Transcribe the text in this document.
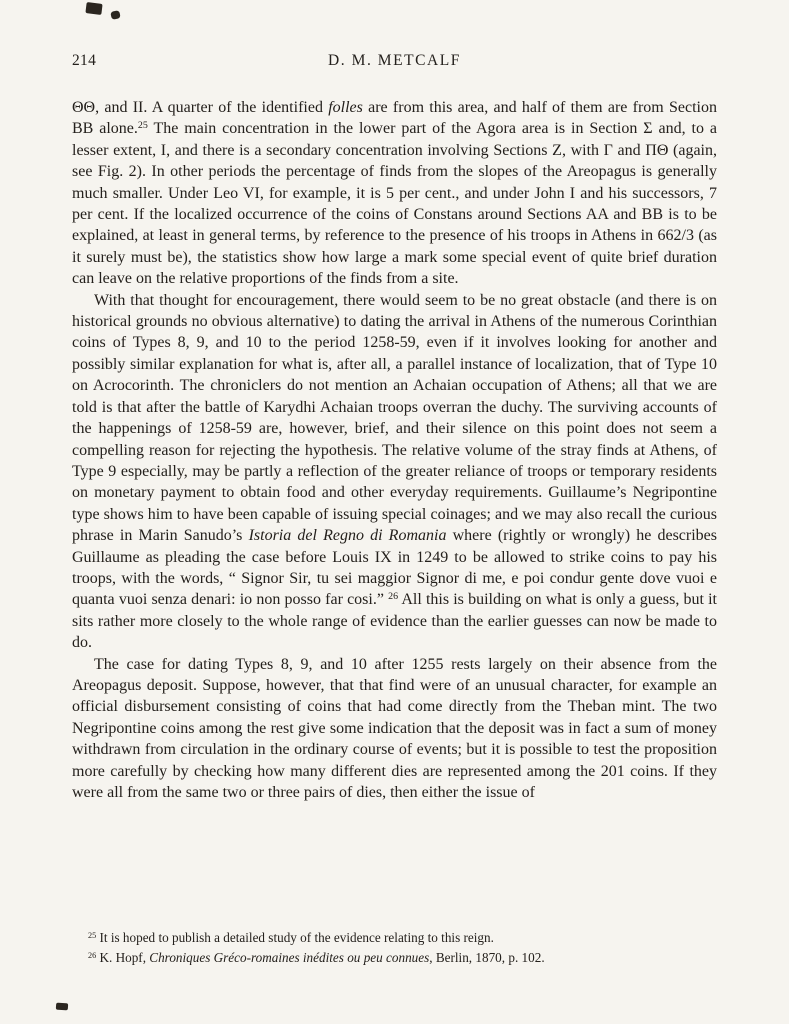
214	D. M. METCALF

ΘΘ, and II. A quarter of the identified folles are from this area, and half of them are from Section BB alone.$^{25}$ The main concentration in the lower part of the Agora area is in Section Σ and, to a lesser extent, I, and there is a secondary concentration involving Sections Z, with Γ and ΠΘ (again, see Fig. 2). In other periods the percentage of finds from the slopes of the Areopagus is generally much smaller. Under Leo VI, for example, it is 5 per cent., and under John I and his successors, 7 per cent. If the localized occurrence of the coins of Constans around Sections AA and BB is to be explained, at least in general terms, by reference to the presence of his troops in Athens in 662/3 (as it surely must be), the statistics show how large a mark some special event of quite brief duration can leave on the relative proportions of the finds from a site.

With that thought for encouragement, there would seem to be no great obstacle (and there is on historical grounds no obvious alternative) to dating the arrival in Athens of the numerous Corinthian coins of Types 8, 9, and 10 to the period 1258-59, even if it involves looking for another and possibly similar explanation for what is, after all, a parallel instance of localization, that of Type 10 on Acrocorinth. The chroniclers do not mention an Achaian occupation of Athens; all that we are told is that after the battle of Karydhi Achaian troops overran the duchy. The surviving accounts of the happenings of 1258-59 are, however, brief, and their silence on this point does not seem a compelling reason for rejecting the hypothesis. The relative volume of the stray finds at Athens, of Type 9 especially, may be partly a reflection of the greater reliance of troops or temporary residents on monetary payment to obtain food and other everyday requirements. Guillaume’s Negripontine type shows him to have been capable of issuing special coinages; and we may also recall the curious phrase in Marin Sanudo’s Istoria del Regno di Romania where (rightly or wrongly) he describes Guillaume as pleading the case before Louis IX in 1249 to be allowed to strike coins to pay his troops, with the words, “ Signor Sir, tu sei maggior Signor di me, e poi condur gente dove vuoi e quanta vuoi senza denari: io non posso far cosi.” $^{26}$ All this is building on what is only a guess, but it sits rather more closely to the whole range of evidence than the earlier guesses can now be made to do.

The case for dating Types 8, 9, and 10 after 1255 rests largely on their absence from the Areopagus deposit. Suppose, however, that that find were of an unusual character, for example an official disbursement consisting of coins that had come directly from the Theban mint. The two Negripontine coins among the rest give some indication that the deposit was in fact a sum of money withdrawn from circulation in the ordinary course of events; but it is possible to test the proposition more carefully by checking how many different dies are represented among the 201 coins. If they were all from the same two or three pairs of dies, then either the issue of

$^{25}$ It is hoped to publish a detailed study of the evidence relating to this reign.

$^{26}$ K. Hopf, Chroniques Gréco-romaines inédites ou peu connues, Berlin, 1870, p. 102.
